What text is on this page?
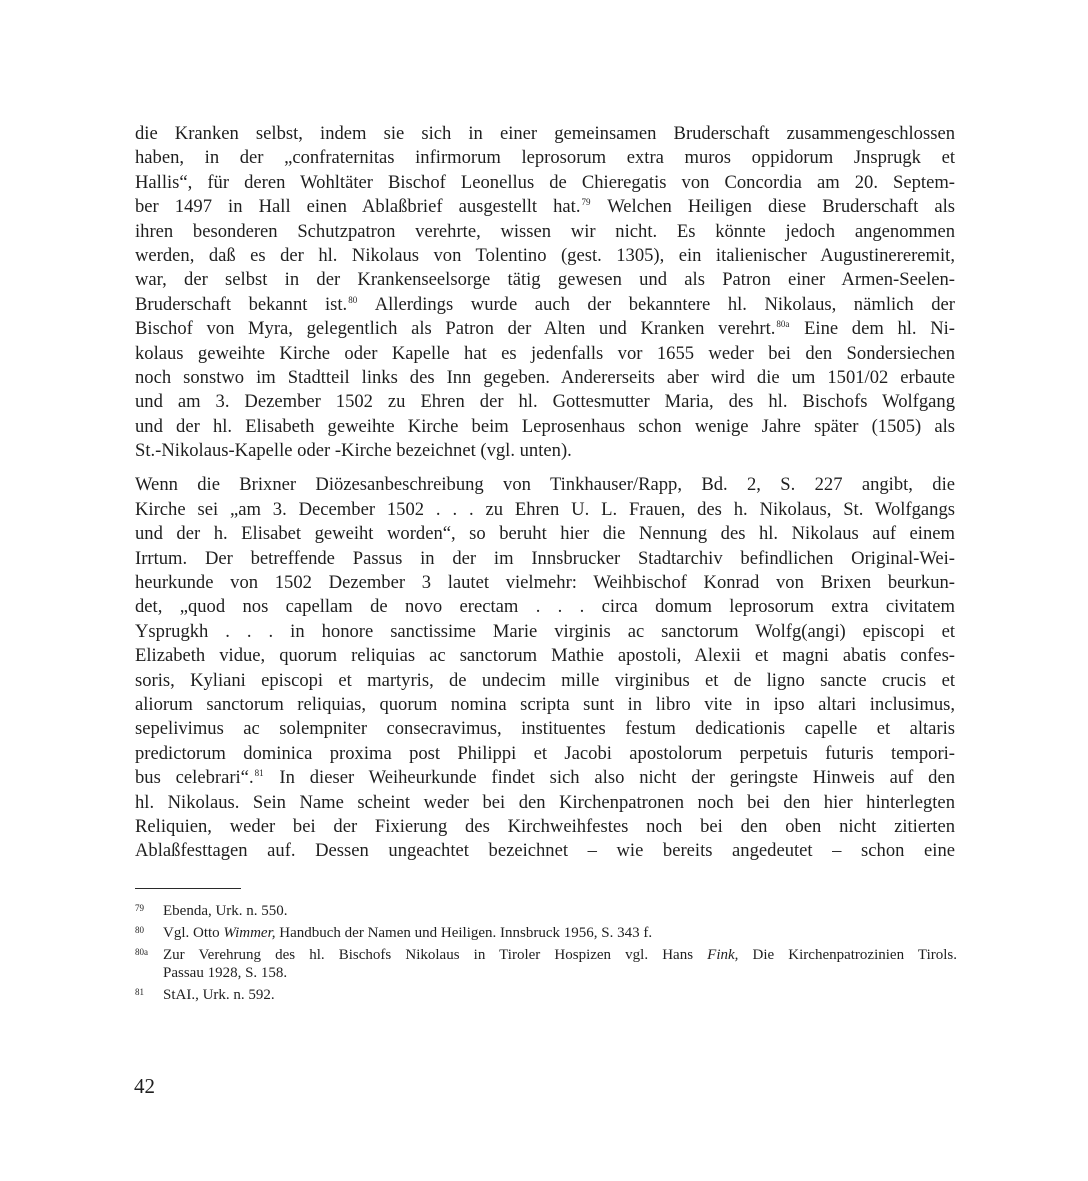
die Kranken selbst, indem sie sich in einer gemeinsamen Bruderschaft zusammengeschlossen
haben, in der „confraternitas infirmorum leprosorum extra muros oppidorum Jnsprugk et
Hallis“, für deren Wohltäter Bischof Leonellus de Chieregatis von Concordia am 20. Septem-
ber 1497 in Hall einen Ablaßbrief ausgestellt hat.$^{79}$ Welchen Heiligen diese Bruderschaft als
ihren besonderen Schutzpatron verehrte, wissen wir nicht. Es könnte jedoch angenommen
werden, daß es der hl. Nikolaus von Tolentino (gest. 1305), ein italienischer Augustinereremit,
war, der selbst in der Krankenseelsorge tätig gewesen und als Patron einer Armen-Seelen-
Bruderschaft bekannt ist.$^{80}$ Allerdings wurde auch der bekanntere hl. Nikolaus, nämlich der
Bischof von Myra, gelegentlich als Patron der Alten und Kranken verehrt.$^{80a}$ Eine dem hl. Ni-
kolaus geweihte Kirche oder Kapelle hat es jedenfalls vor 1655 weder bei den Sondersiechen
noch sonstwo im Stadtteil links des Inn gegeben. Andererseits aber wird die um 1501/02 erbaute
und am 3. Dezember 1502 zu Ehren der hl. Gottesmutter Maria, des hl. Bischofs Wolfgang
und der hl. Elisabeth geweihte Kirche beim Leprosenhaus schon wenige Jahre später (1505) als
St.-Nikolaus-Kapelle oder -Kirche bezeichnet (vgl. unten).
Wenn die Brixner Diözesanbeschreibung von Tinkhauser/Rapp, Bd. 2, S. 227 angibt, die
Kirche sei „am 3. December 1502 . . . zu Ehren U. L. Frauen, des h. Nikolaus, St. Wolfgangs
und der h. Elisabet geweiht worden“, so beruht hier die Nennung des hl. Nikolaus auf einem
Irrtum. Der betreffende Passus in der im Innsbrucker Stadtarchiv befindlichen Original-Wei-
heurkunde von 1502 Dezember 3 lautet vielmehr: Weihbischof Konrad von Brixen beurkun-
det, „quod nos capellam de novo erectam . . . circa domum leprosorum extra civitatem
Ysprugkh . . . in honore sanctissime Marie virginis ac sanctorum Wolfg(angi) episcopi et
Elizabeth vidue, quorum reliquias ac sanctorum Mathie apostoli, Alexii et magni abatis confes-
soris, Kyliani episcopi et martyris, de undecim mille virginibus et de ligno sancte crucis et
aliorum sanctorum reliquias, quorum nomina scripta sunt in libro vite in ipso altari inclusimus,
sepelivimus ac solempniter consecravimus, instituentes festum dedicationis capelle et altaris
predictorum dominica proxima post Philippi et Jacobi apostolorum perpetuis futuris tempori-
bus celebrari“.$^{81}$ In dieser Weiheurkunde findet sich also nicht der geringste Hinweis auf den
hl. Nikolaus. Sein Name scheint weder bei den Kirchenpatronen noch bei den hier hinterlegten
Reliquien, weder bei der Fixierung des Kirchweihfestes noch bei den oben nicht zitierten
Ablaßfesttagen auf. Dessen ungeachtet bezeichnet – wie bereits angedeutet – schon eine
79 Ebenda, Urk. n. 550.
80 Vgl. Otto Wimmer, Handbuch der Namen und Heiligen. Innsbruck 1956, S. 343 f.
80a Zur Verehrung des hl. Bischofs Nikolaus in Tiroler Hospizen vgl. Hans Fink, Die Kirchenpatrozinien Tirols.
Passau 1928, S. 158.
81 StAI., Urk. n. 592.
42
